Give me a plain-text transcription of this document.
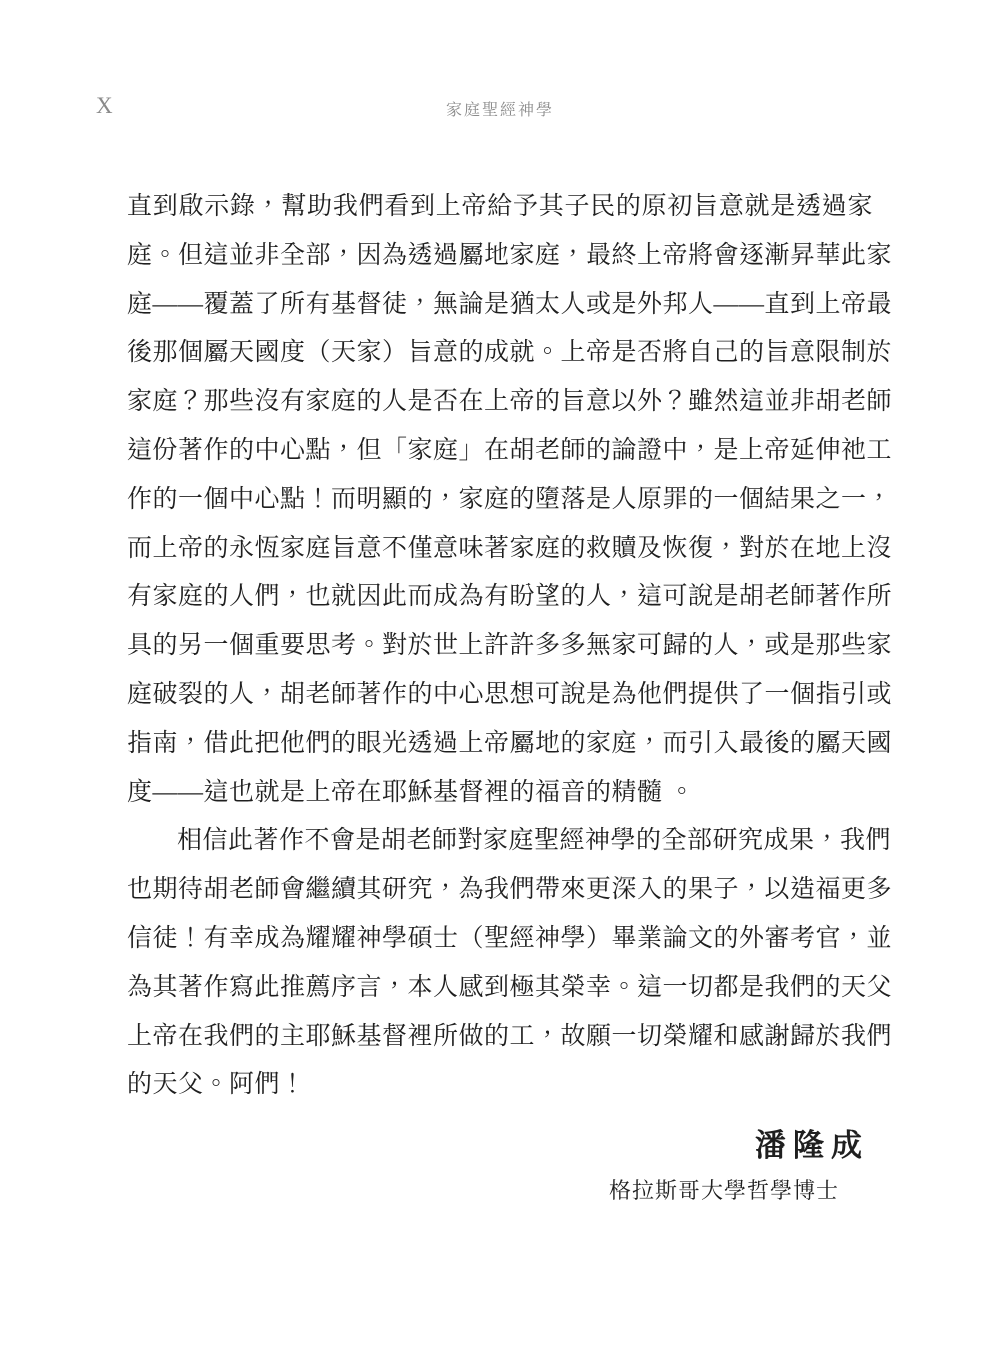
X	家庭聖經神學
直到啟示錄，幫助我們看到上帝給予其子民的原初旨意就是透過家
庭。但這並非全部，因為透過屬地家庭，最終上帝將會逐漸昇華此家
庭——覆蓋了所有基督徒，無論是猶太人或是外邦人——直到上帝最
後那個屬天國度（天家）旨意的成就。上帝是否將自己的旨意限制於
家庭？那些沒有家庭的人是否在上帝的旨意以外？雖然這並非胡老師
這份著作的中心點，但「家庭」在胡老師的論證中，是上帝延伸祂工
作的一個中心點！而明顯的，家庭的墮落是人原罪的一個結果之一，
而上帝的永恆家庭旨意不僅意味著家庭的救贖及恢復，對於在地上沒
有家庭的人們，也就因此而成為有盼望的人，這可說是胡老師著作所
具的另一個重要思考。對於世上許許多多無家可歸的人，或是那些家
庭破裂的人，胡老師著作的中心思想可說是為他們提供了一個指引或
指南，借此把他們的眼光透過上帝屬地的家庭，而引入最後的屬天國
度——這也就是上帝在耶穌基督裡的福音的精髓 。
相信此著作不會是胡老師對家庭聖經神學的全部研究成果，我們
也期待胡老師會繼續其研究，為我們帶來更深入的果子，以造福更多
信徒！有幸成為耀耀神學碩士（聖經神學）畢業論文的外審考官，並
為其著作寫此推薦序言，本人感到極其榮幸。這一切都是我們的天父
上帝在我們的主耶穌基督裡所做的工，故願一切榮耀和感謝歸於我們
的天父。阿們！
潘隆成
格拉斯哥大學哲學博士
